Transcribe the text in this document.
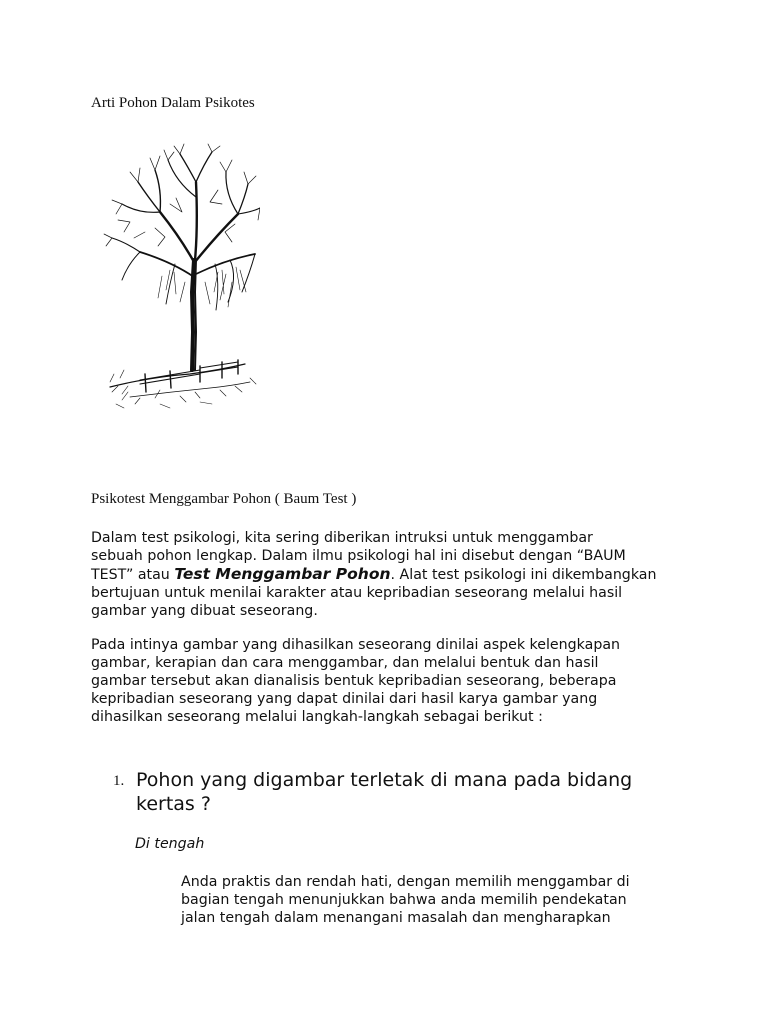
Arti Pohon Dalam Psikotes
Psikotest Menggambar Pohon ( Baum Test )
Dalam test psikologi, kita sering diberikan intruksi untuk menggambar
sebuah pohon lengkap. Dalam ilmu psikologi hal ini disebut dengan “BAUM
TEST” atau Test Menggambar Pohon. Alat test psikologi ini dikembangkan
bertujuan untuk menilai karakter atau kepribadian seseorang melalui hasil
gambar yang dibuat seseorang.
Pada intinya gambar yang dihasilkan seseorang dinilai aspek kelengkapan
gambar, kerapian dan cara menggambar, dan melalui bentuk dan hasil
gambar tersebut akan dianalisis bentuk kepribadian seseorang, beberapa
kepribadian seseorang yang dapat dinilai dari hasil karya gambar yang
dihasilkan seseorang melalui langkah-langkah sebagai berikut :
1. Pohon yang digambar terletak di mana pada bidang
kertas ?
Di tengah
Anda praktis dan rendah hati, dengan memilih menggambar di
bagian tengah menunjukkan bahwa anda memilih pendekatan
jalan tengah dalam menangani masalah dan mengharapkan
